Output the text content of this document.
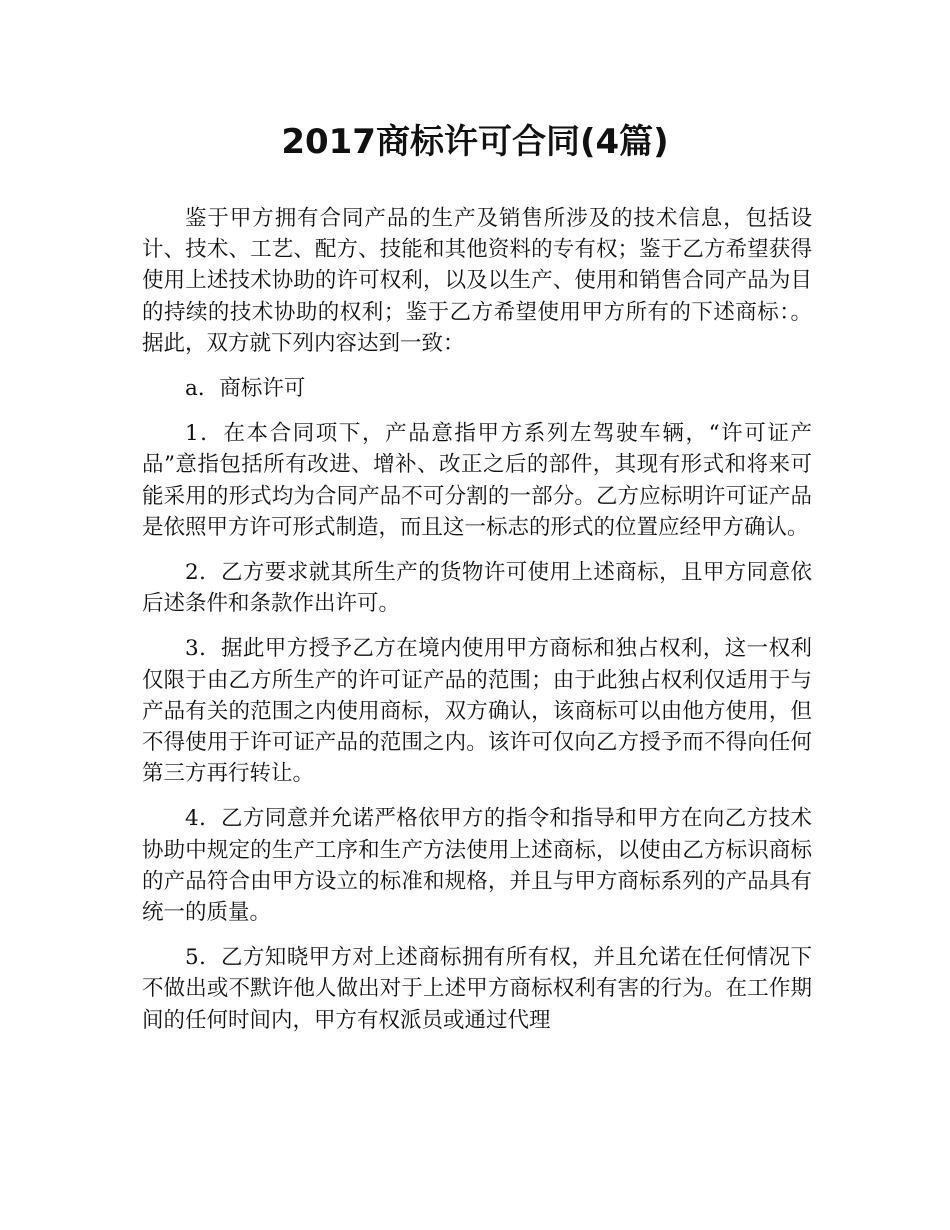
2017商标许可合同(4篇)

鉴于甲方拥有合同产品的生产及销售所涉及的技术信息，包括设计、技术、工艺、配方、技能和其他资料的专有权；鉴于乙方希望获得使用上述技术协助的许可权利，以及以生产、使用和销售合同产品为目的持续的技术协助的权利；鉴于乙方希望使用甲方所有的下述商标：。据此，双方就下列内容达到一致：

a．商标许可

1．在本合同项下，产品意指甲方系列左驾驶车辆，“许可证产品”意指包括所有改进、增补、改正之后的部件，其现有形式和将来可能采用的形式均为合同产品不可分割的一部分。乙方应标明许可证产品是依照甲方许可形式制造，而且这一标志的形式的位置应经甲方确认。

2．乙方要求就其所生产的货物许可使用上述商标，且甲方同意依后述条件和条款作出许可。

3．据此甲方授予乙方在境内使用甲方商标和独占权利，这一权利仅限于由乙方所生产的许可证产品的范围；由于此独占权利仅适用于与产品有关的范围之内使用商标，双方确认，该商标可以由他方使用，但不得使用于许可证产品的范围之内。该许可仅向乙方授予而不得向任何第三方再行转让。

4．乙方同意并允诺严格依甲方的指令和指导和甲方在向乙方技术协助中规定的生产工序和生产方法使用上述商标，以使由乙方标识商标的产品符合由甲方设立的标准和规格，并且与甲方商标系列的产品具有统一的质量。

5．乙方知晓甲方对上述商标拥有所有权，并且允诺在任何情况下不做出或不默许他人做出对于上述甲方商标权利有害的行为。在工作期间的任何时间内，甲方有权派员或通过代理
